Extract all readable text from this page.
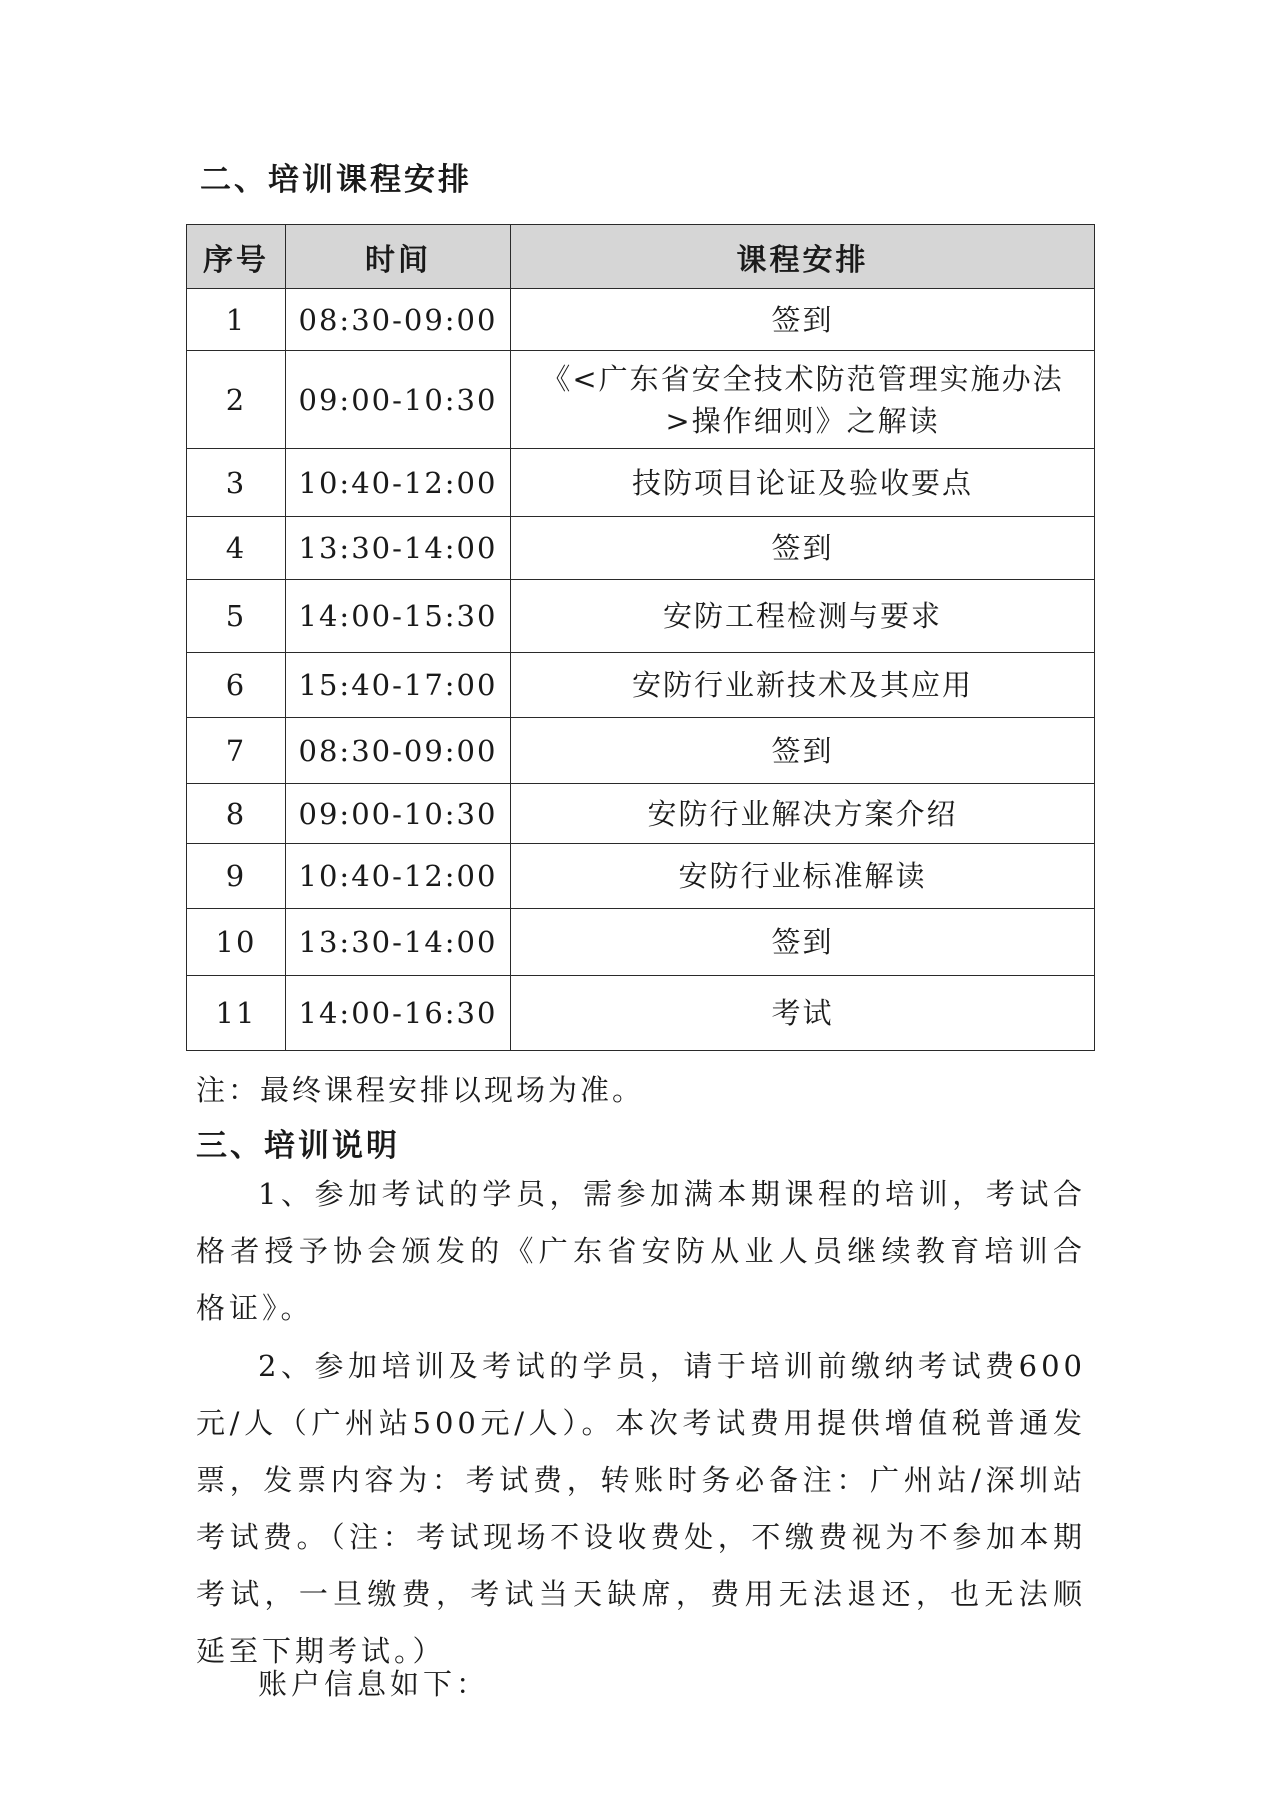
二、培训课程安排
序号	时间	课程安排
1	08:30-09:00	签到
2	09:00-10:30	《<广东省安全技术防范管理实施办法>操作细则》之解读
3	10:40-12:00	技防项目论证及验收要点
4	13:30-14:00	签到
5	14:00-15:30	安防工程检测与要求
6	15:40-17:00	安防行业新技术及其应用
7	08:30-09:00	签到
8	09:00-10:30	安防行业解决方案介绍
9	10:40-12:00	安防行业标准解读
10	13:30-14:00	签到
11	14:00-16:30	考试
注：最终课程安排以现场为准。
三、培训说明
1、参加考试的学员，需参加满本期课程的培训，考试合格者授予协会颁发的《广东省安防从业人员继续教育培训合格证》。
2、参加培训及考试的学员，请于培训前缴纳考试费600元/人（广州站500元/人）。本次考试费用提供增值税普通发票，发票内容为：考试费，转账时务必备注：广州站/深圳站考试费。（注：考试现场不设收费处，不缴费视为不参加本期考试，一旦缴费，考试当天缺席，费用无法退还，也无法顺延至下期考试。）
账户信息如下：
